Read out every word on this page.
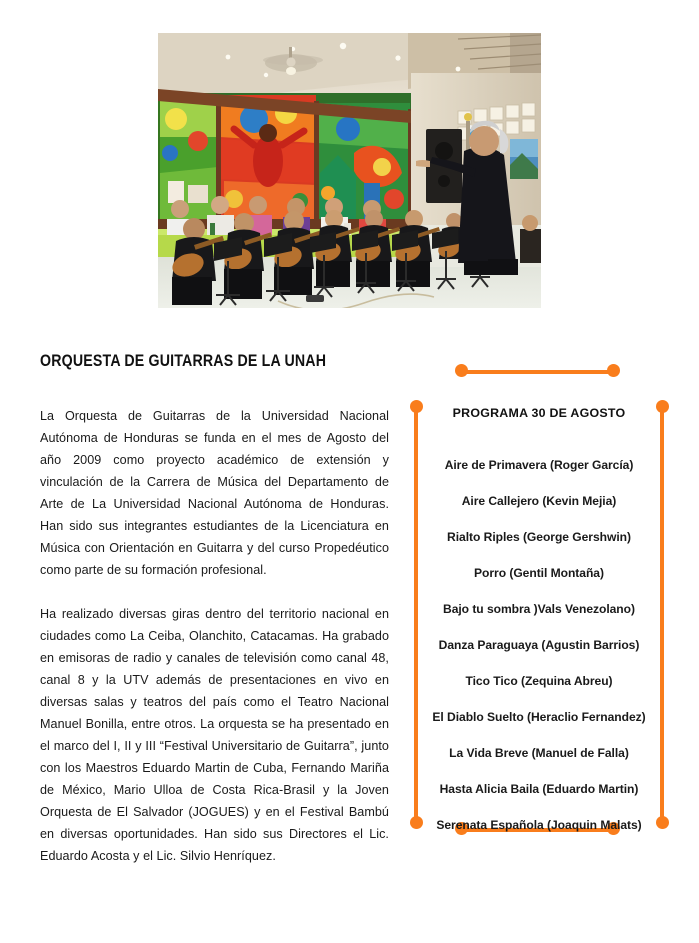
ORQUESTA DE GUITARRAS DE LA UNAH

La Orquesta de Guitarras de la Universidad Nacional Autónoma de Honduras se funda en el mes de Agosto del año 2009 como proyecto académico de extensión y vinculación de la Carrera de Música del Departamento de Arte de La Universidad Nacional Autónoma de Honduras. Han sido sus integrantes estudiantes de la Licenciatura en Música con Orientación en Guitarra y del curso Propedéutico como parte de su formación profesional.

Ha realizado diversas giras dentro del territorio nacional en ciudades como La Ceiba, Olanchito, Catacamas. Ha grabado en emisoras de radio y canales de televisión como canal 48, canal 8 y la UTV además de presentaciones en vivo en diversas salas y teatros del país como el Teatro Nacional Manuel Bonilla, entre otros. La orquesta se ha presentado en el marco del I, II y III “Festival Universitario de Guitarra”, junto con los Maestros Eduardo Martin de Cuba, Fernando Mariña de México, Mario Ulloa de Costa Rica-Brasil y la Joven Orquesta de El Salvador (JOGUES) y en el Festival Bambú en diversas oportunidades. Han sido sus Directores el Lic. Eduardo Acosta y el Lic. Silvio Henríquez.

PROGRAMA 30 DE AGOSTO
Aire de Primavera (Roger García)
Aire Callejero (Kevin Mejia)
Rialto Riples (George Gershwin)
Porro (Gentil Montaña)
Bajo tu sombra )Vals Venezolano)
Danza Paraguaya (Agustin Barrios)
Tico Tico (Zequina Abreu)
El Diablo Suelto (Heraclio Fernandez)
La Vida Breve (Manuel de Falla)
Hasta Alicia Baila (Eduardo Martin)
Serenata Española (Joaquin Malats)
